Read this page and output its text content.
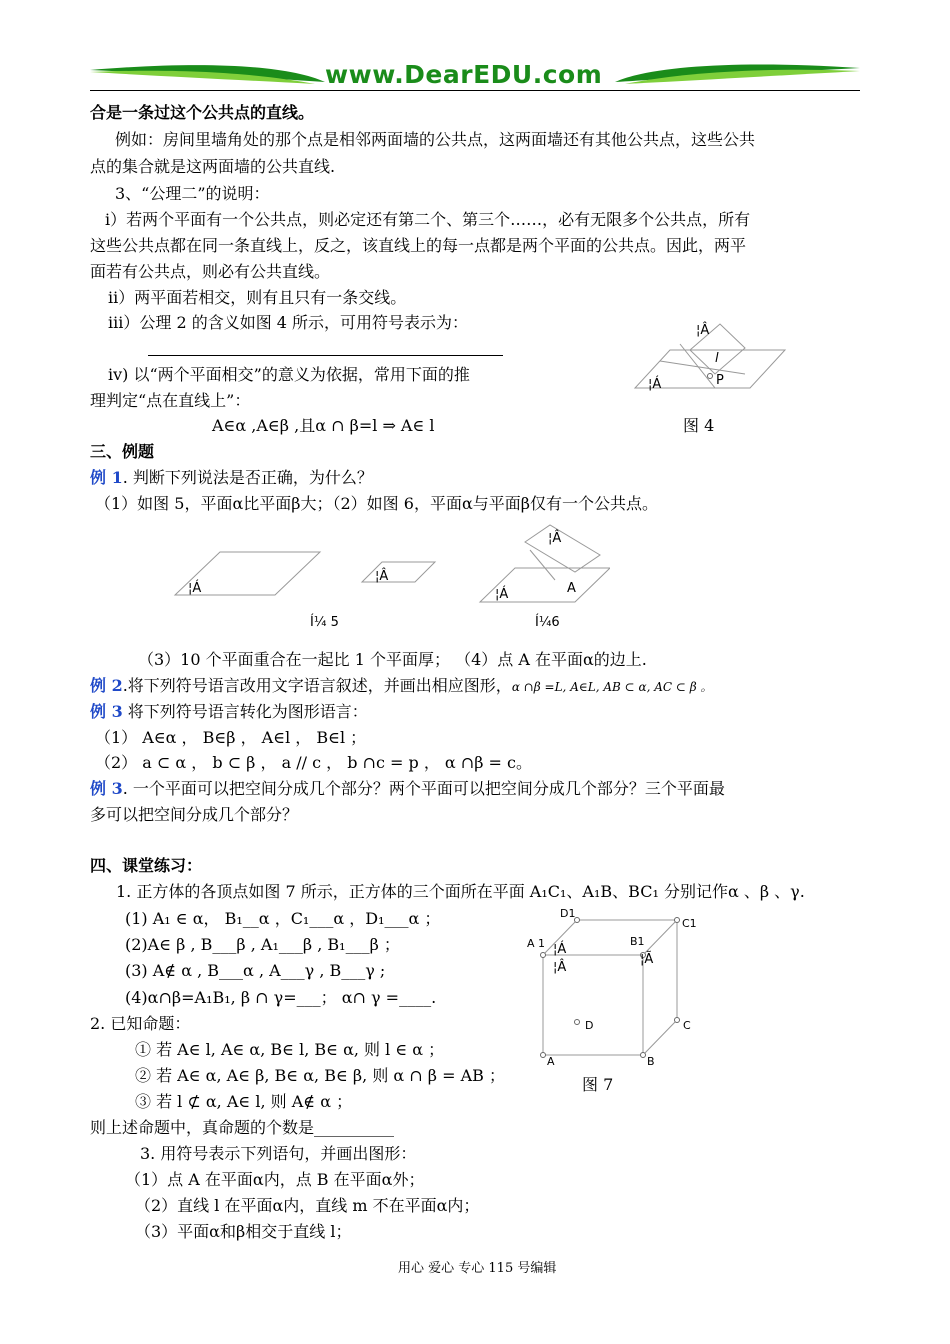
www.DearEDU.com
合是一条过这个公共点的直线。
例如：房间里墙角处的那个点是相邻两面墙的公共点，这两面墙还有其他公共点，这些公共
点的集合就是这两面墙的公共直线.
3、“公理二”的说明：
ⅰ）若两个平面有一个公共点，则必定还有第二个、第三个……，必有无限多个公共点，所有
这些公共点都在同一条直线上，反之，该直线上的每一点都是两个平面的公共点。因此，两平
面若有公共点，则必有公共直线。
ⅱ）两平面若相交，则有且只有一条交线。
ⅲ）公理 2 的含义如图 4 所示，可用符号表示为：
iv) 以“两个平面相交”的意义为依据，常用下面的推
理判定“点在直线上”：
A∈α ,A∈β ,且α ∩ β=l ⇒ A∈ l
¦Â
l
¦Á	P
图 4
三、例题
例 1. 判断下列说法是否正确，为什么？
（1）如图 5，平面α比平面β大；（2）如图 6，平面α与平面β仅有一个公共点。
¦Á
¦Â
¦Â
¦Á	A
Í¼ 5	Í¼6
（3）10 个平面重合在一起比 1 个平面厚； （4）点 A 在平面α的边上.
例 2.将下列符号语言改用文字语言叙述，并画出相应图形，α ∩β =L, A∈L, AB ⊂ α, AC ⊂ β 。
例 3 将下列符号语言转化为图形语言：
（1） A∈α ， B∈β ， A∈l ， B∈l ；
（2） a ⊂ α ， b ⊂ β ， a // c ， b ∩c = p ， α ∩β = c。
例 3. 一个平面可以把空间分成几个部分？两个平面可以把空间分成几个部分？三个平面最
多可以把空间分成几个部分？
四、课堂练习：
1. 正方体的各顶点如图 7 所示，正方体的三个面所在平面 A₁C₁、A₁B、BC₁ 分别记作α 、β 、γ.
(1) A₁ ∈ α， B₁__α ，C₁___α ，D₁___α ；
(2)A∈ β , B___β , A₁___β , B₁___β ；
(3) A∉ α , B___α , A___γ , B___γ ;
(4)α∩β=A₁B₁, β ∩ γ=___； α∩ γ =____.
2. 已知命题：
① 若 A∈ l, A∈ α, B∈ l, B∈ α, 则 l ∈ α ；
② 若 A∈ α, A∈ β, B∈ α, B∈ β, 则 α ∩ β = AB ；
③ 若 l ⊄ α, A∈ l, 则 A∉ α ；
则上述命题中，真命题的个数是__________
3. 用符号表示下列语句，并画出图形：
（1）点 A 在平面α内，点 B 在平面α外；
（2）直线 l 在平面α内，直线 m 不在平面α内；
（3）平面α和β相交于直线 l；
D1
C1
A 1	B1
¦Á
¦Â
¦Ã
D	C
A	B
图 7
用心 爱心 专心 115 号编辑
